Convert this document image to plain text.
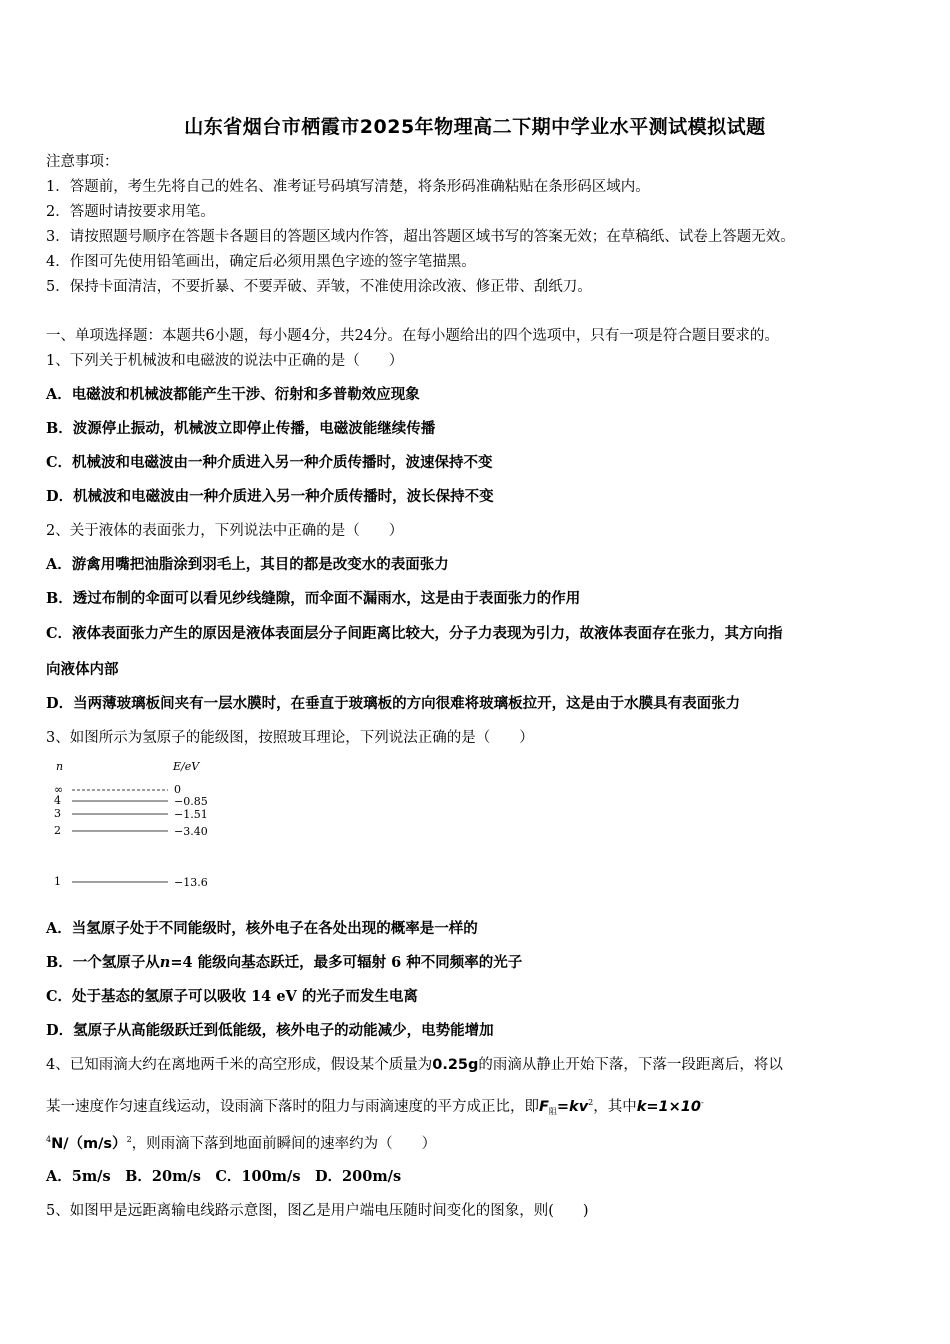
山东省烟台市栖霞市2025年物理高二下期中学业水平测试模拟试题
注意事项：
1．答题前，考生先将自己的姓名、准考证号码填写清楚，将条形码准确粘贴在条形码区域内。
2．答题时请按要求用笔。
3．请按照题号顺序在答题卡各题目的答题区域内作答，超出答题区域书写的答案无效；在草稿纸、试卷上答题无效。
4．作图可先使用铅笔画出，确定后必须用黑色字迹的签字笔描黑。
5．保持卡面清洁，不要折暴、不要弄破、弄皱，不准使用涂改液、修正带、刮纸刀。
一、单项选择题：本题共6小题，每小题4分，共24分。在每小题给出的四个选项中，只有一项是符合题目要求的。
1、下列关于机械波和电磁波的说法中正确的是（　　）
A．电磁波和机械波都能产生干涉、衍射和多普勒效应现象
B．波源停止振动，机械波立即停止传播，电磁波能继续传播
C．机械波和电磁波由一种介质进入另一种介质传播时，波速保持不变
D．机械波和电磁波由一种介质进入另一种介质传播时，波长保持不变
2、关于液体的表面张力，下列说法中正确的是（　　）
A．游禽用嘴把油脂涂到羽毛上，其目的都是改变水的表面张力
B．透过布制的伞面可以看见纱线缝隙，而伞面不漏雨水，这是由于表面张力的作用
C．液体表面张力产生的原因是液体表面层分子间距离比较大，分子力表现为引力，故液体表面存在张力，其方向指
向液体内部
D．当两薄玻璃板间夹有一层水膜时，在垂直于玻璃板的方向很难将玻璃板拉开，这是由于水膜具有表面张力
3、如图所示为氢原子的能级图，按照玻耳理论，下列说法正确的是（　　）
n	E/eV
∞	0
4	−0.85
3	−1.51
2	−3.40
1	−13.6
A．当氢原子处于不同能级时，核外电子在各处出现的概率是一样的
B．一个氢原子从n=4 能级向基态跃迁，最多可辐射 6 种不同频率的光子
C．处于基态的氢原子可以吸收 14 eV 的光子而发生电离
D．氢原子从高能级跃迁到低能级，核外电子的动能减少，电势能增加
4、已知雨滴大约在离地两千米的高空形成，假设某个质量为0.25g的雨滴从静止开始下落，下落一段距离后，将以
某一速度作匀速直线运动，设雨滴下落时的阻力与雨滴速度的平方成正比，即$F_阻=kv^2$，其中k=1×10-
$^4N/(m/s)^2$，则雨滴下落到地面前瞬间的速率约为（　　）
A．5m/s　B．20m/s　C．100m/s　D．200m/s
5、如图甲是远距离输电线路示意图，图乙是用户端电压随时间变化的图象，则(　　)
